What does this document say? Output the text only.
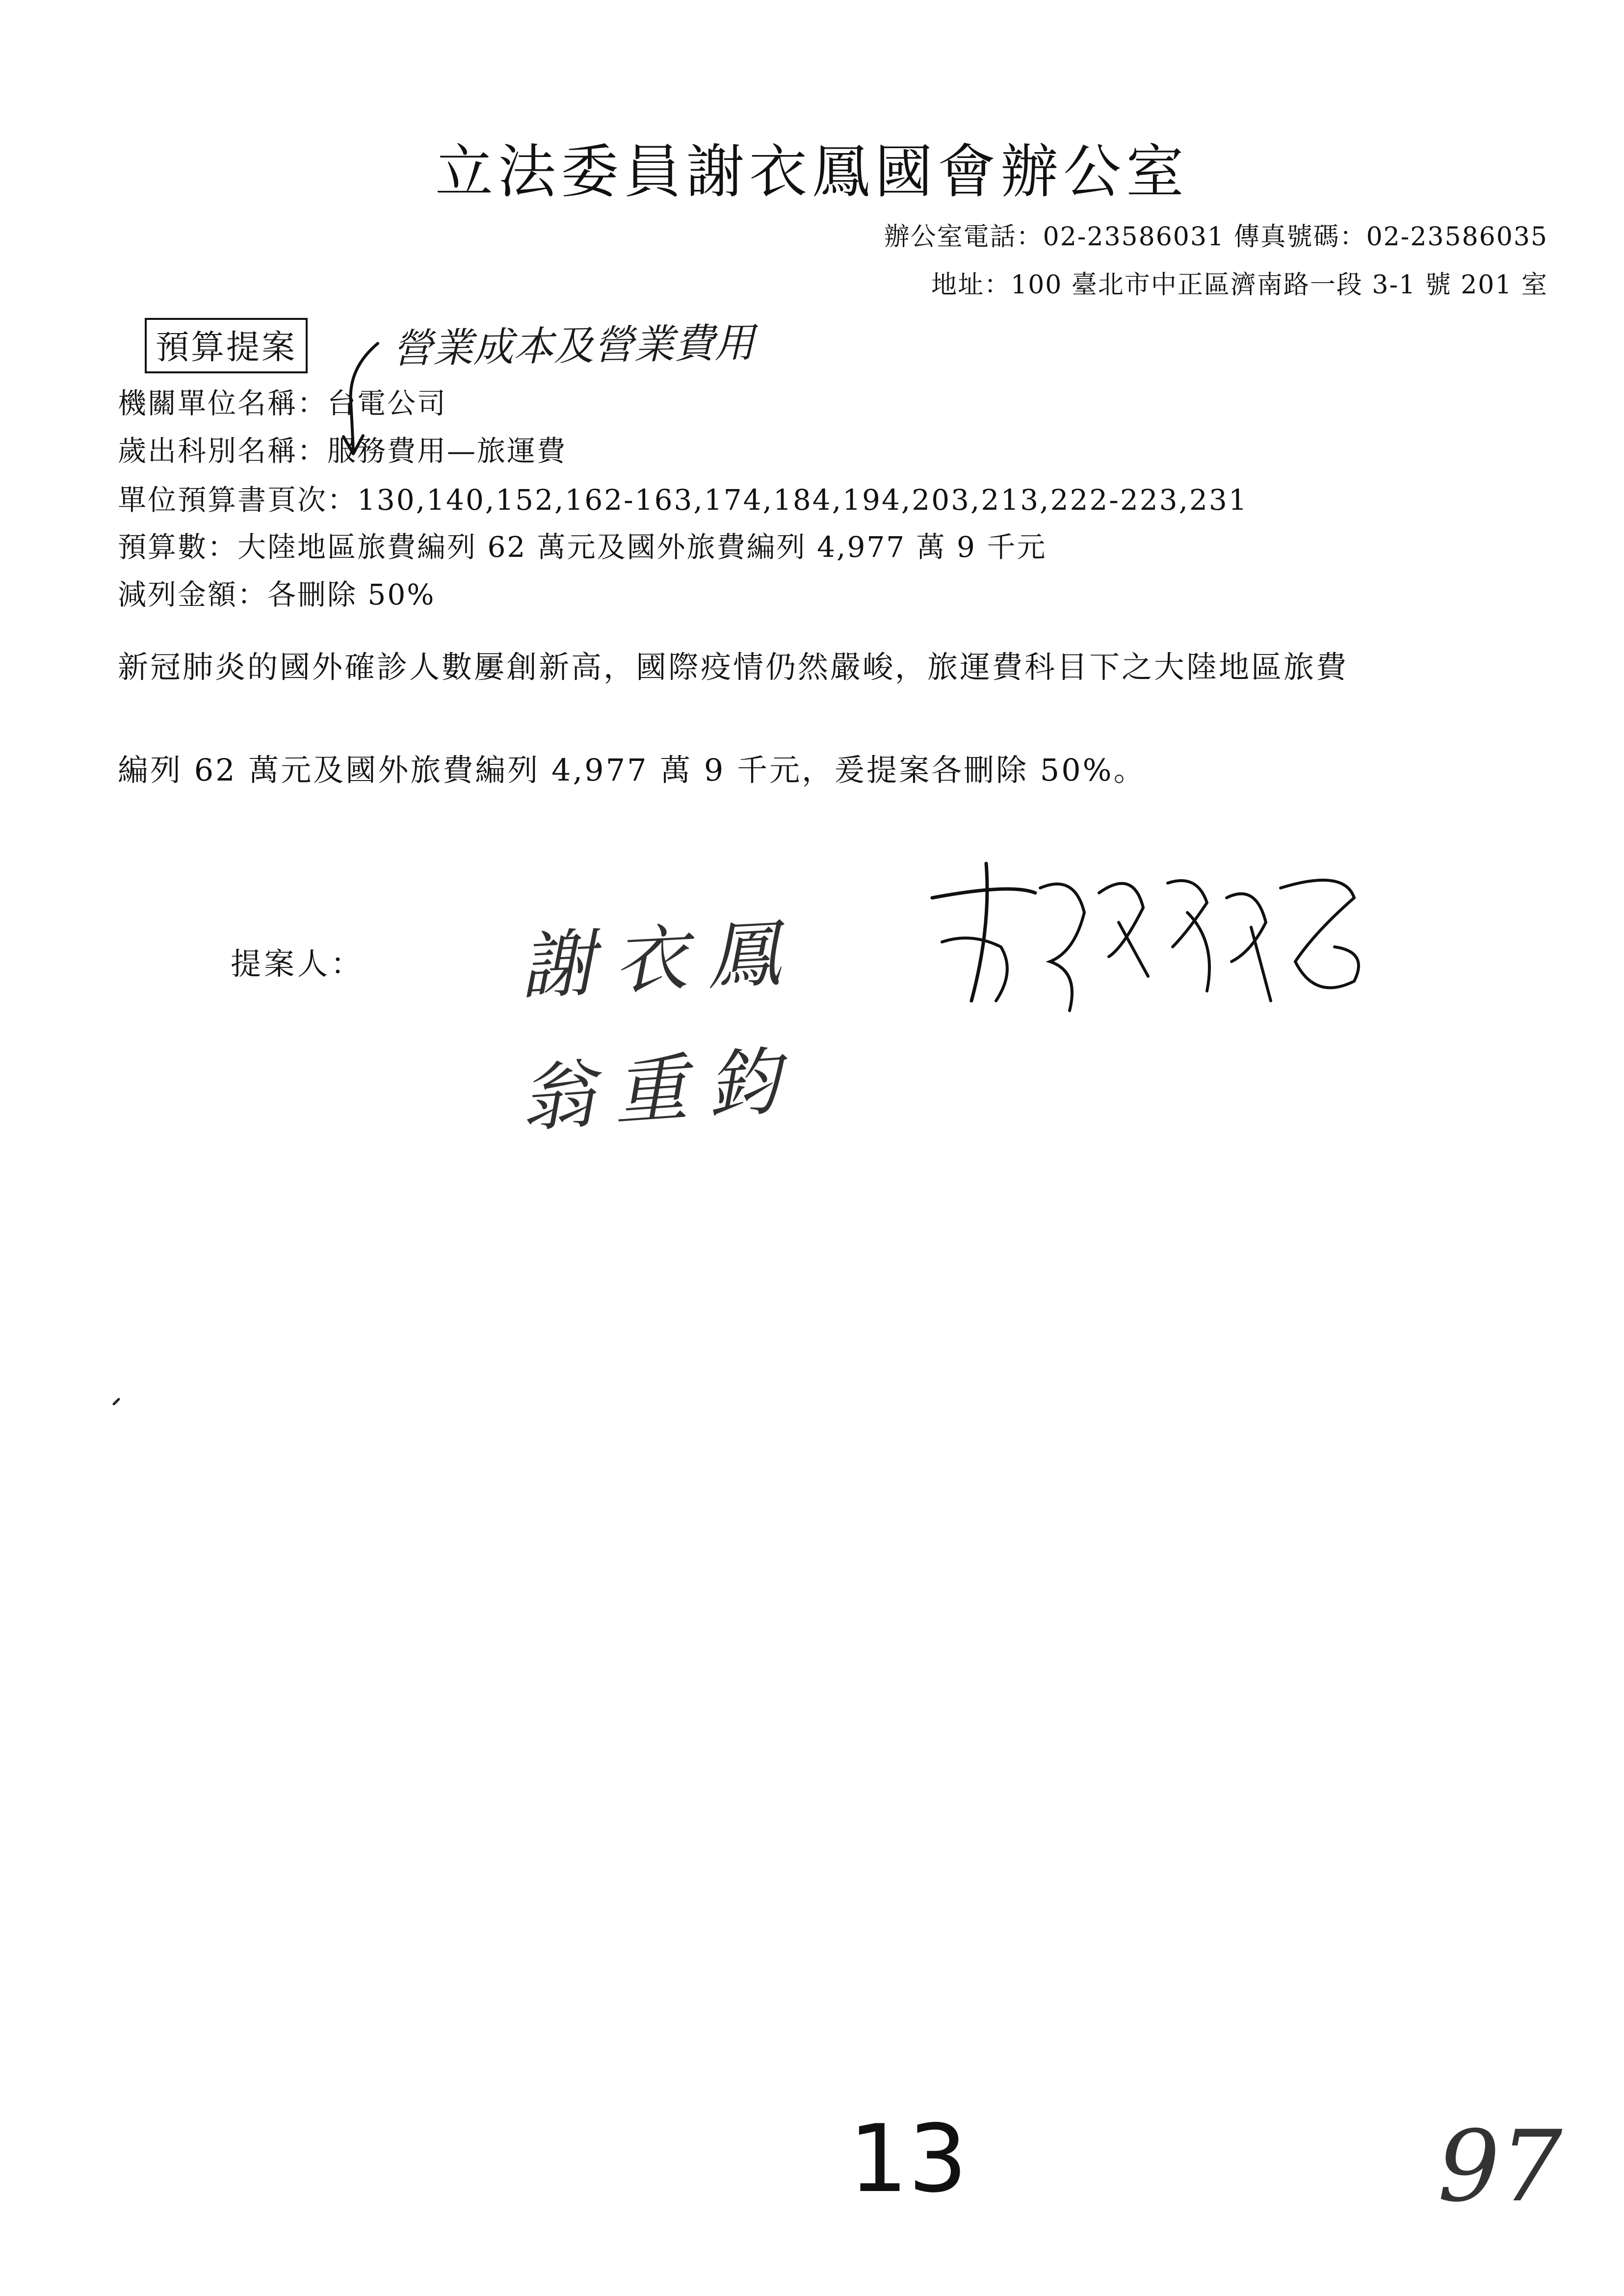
立法委員謝衣鳳國會辦公室
辦公室電話：02-23586031 傳真號碼：02-23586035
地址：100 臺北市中正區濟南路一段 3-1 號 201 室
預算提案 營業成本及營業費用
機關單位名稱：台電公司
歲出科別名稱：服務費用—旅運費
單位預算書頁次：130,140,152,162-163,174,184,194,203,213,222-223,231
預算數：大陸地區旅費編列 62 萬元及國外旅費編列 4,977 萬 9 千元
減列金額：各刪除 50%
新冠肺炎的國外確診人數屢創新高，國際疫情仍然嚴峻，旅運費科目下之大陸地區旅費
編列 62 萬元及國外旅費編列 4,977 萬 9 千元，爰提案各刪除 50%。
提案人： 謝衣鳳
翁重鈞
13	97
